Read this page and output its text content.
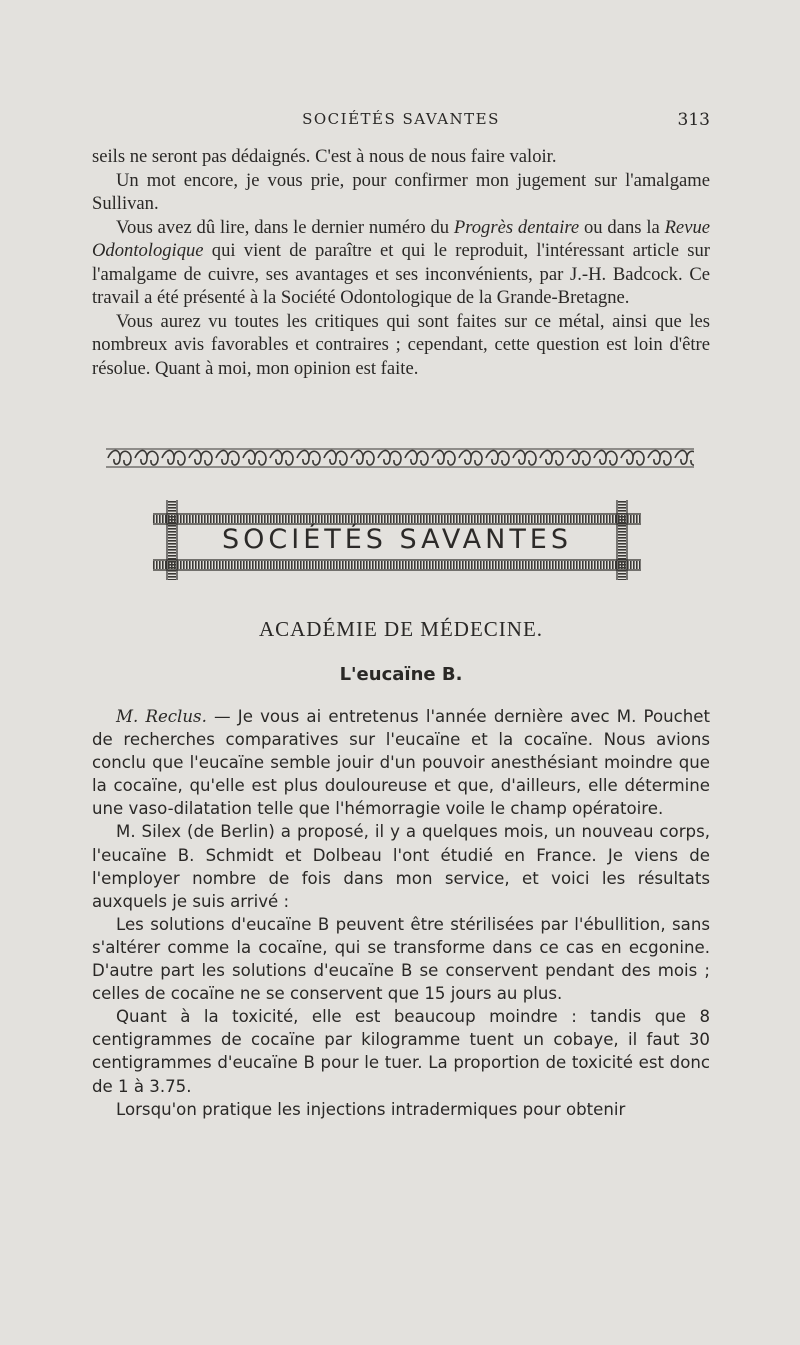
SOCIÉTÉS SAVANTES	313

seils ne seront pas dédaignés. C'est à nous de nous faire valoir.

Un mot encore, je vous prie, pour confirmer mon jugement sur l'amalgame Sullivan.

Vous avez dû lire, dans le dernier numéro du Progrès dentaire ou dans la Revue Odontologique qui vient de paraître et qui le reproduit, l'intéressant article sur l'amalgame de cuivre, ses avantages et ses inconvénients, par J.-H. Badcock. Ce travail a été présenté à la Société Odontologique de la Grande-Bretagne.

Vous aurez vu toutes les critiques qui sont faites sur ce métal, ainsi que les nombreux avis favorables et contraires ; cependant, cette question est loin d'être résolue. Quant à moi, mon opinion est faite.

SOCIÉTÉS SAVANTES
ACADÉMIE DE MÉDECINE.
L'eucaïne B.

M. Reclus. — Je vous ai entretenus l'année dernière avec M. Pouchet de recherches comparatives sur l'eucaïne et la cocaïne. Nous avions conclu que l'eucaïne semble jouir d'un pouvoir anesthésiant moindre que la cocaïne, qu'elle est plus douloureuse et que, d'ailleurs, elle détermine une vaso-dilatation telle que l'hémorragie voile le champ opératoire.

M. Silex (de Berlin) a proposé, il y a quelques mois, un nouveau corps, l'eucaïne B. Schmidt et Dolbeau l'ont étudié en France. Je viens de l'employer nombre de fois dans mon service, et voici les résultats auxquels je suis arrivé :

Les solutions d'eucaïne B peuvent être stérilisées par l'ébullition, sans s'altérer comme la cocaïne, qui se transforme dans ce cas en ecgonine. D'autre part les solutions d'eucaïne B se conservent pendant des mois ; celles de cocaïne ne se conservent que 15 jours au plus.

Quant à la toxicité, elle est beaucoup moindre : tandis que 8 centigrammes de cocaïne par kilogramme tuent un cobaye, il faut 30 centigrammes d'eucaïne B pour le tuer. La proportion de toxicité est donc de 1 à 3.75.

Lorsqu'on pratique les injections intradermiques pour obtenir
